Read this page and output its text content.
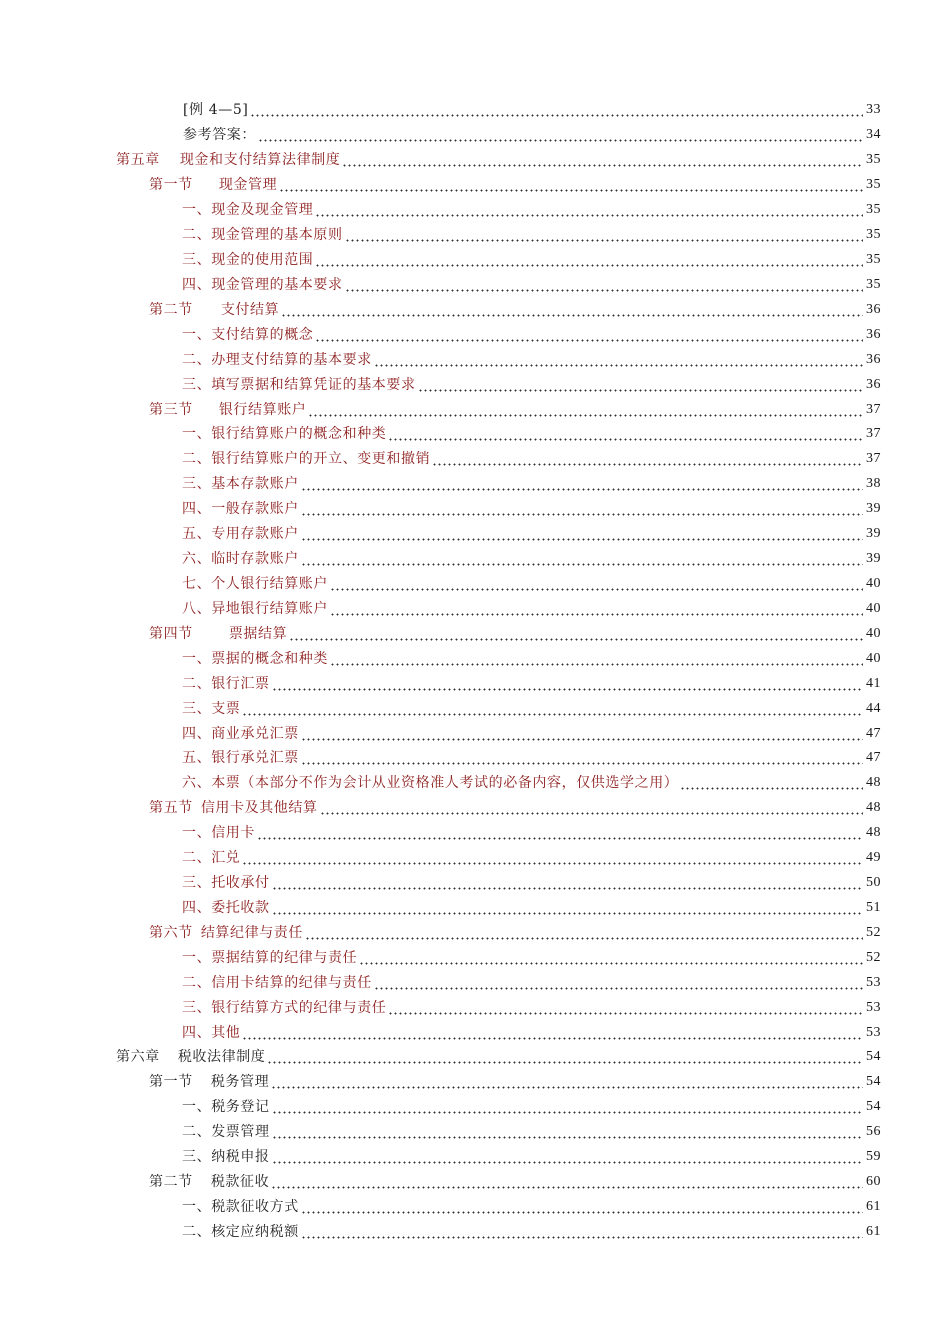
[例 4—5]	33
参考答案：	34
第五章 现金和支付结算法律制度	35
第一节 现金管理	35
一、现金及现金管理	35
二、现金管理的基本原则	35
三、现金的使用范围	35
四、现金管理的基本要求	35
第二节 支付结算	36
一、支付结算的概念	36
二、办理支付结算的基本要求	36
三、填写票据和结算凭证的基本要求	36
第三节 银行结算账户	37
一、银行结算账户的概念和种类	37
二、银行结算账户的开立、变更和撤销	37
三、基本存款账户	38
四、一般存款账户	39
五、专用存款账户	39
六、临时存款账户	39
七、个人银行结算账户	40
八、异地银行结算账户	40
第四节	票据结算	40
一、票据的概念和种类	40
二、银行汇票	41
三、支票	44
四、商业承兑汇票	47
五、银行承兑汇票	47
六、本票（本部分不作为会计从业资格准人考试的必备内容，仅供选学之用）	48
第五节 信用卡及其他结算	48
一、信用卡	48
二、汇兑	49
三、托收承付	50
四、委托收款	51
第六节 结算纪律与责任	52
一、票据结算的纪律与责任	52
二、信用卡结算的纪律与责任	53
三、银行结算方式的纪律与责任	53
四、其他	53
第六章 税收法律制度	54
第一节 税务管理	54
一、税务登记	54
二、发票管理	56
三、纳税申报	59
第二节 税款征收	60
一、税款征收方式	61
二、核定应纳税额	61
